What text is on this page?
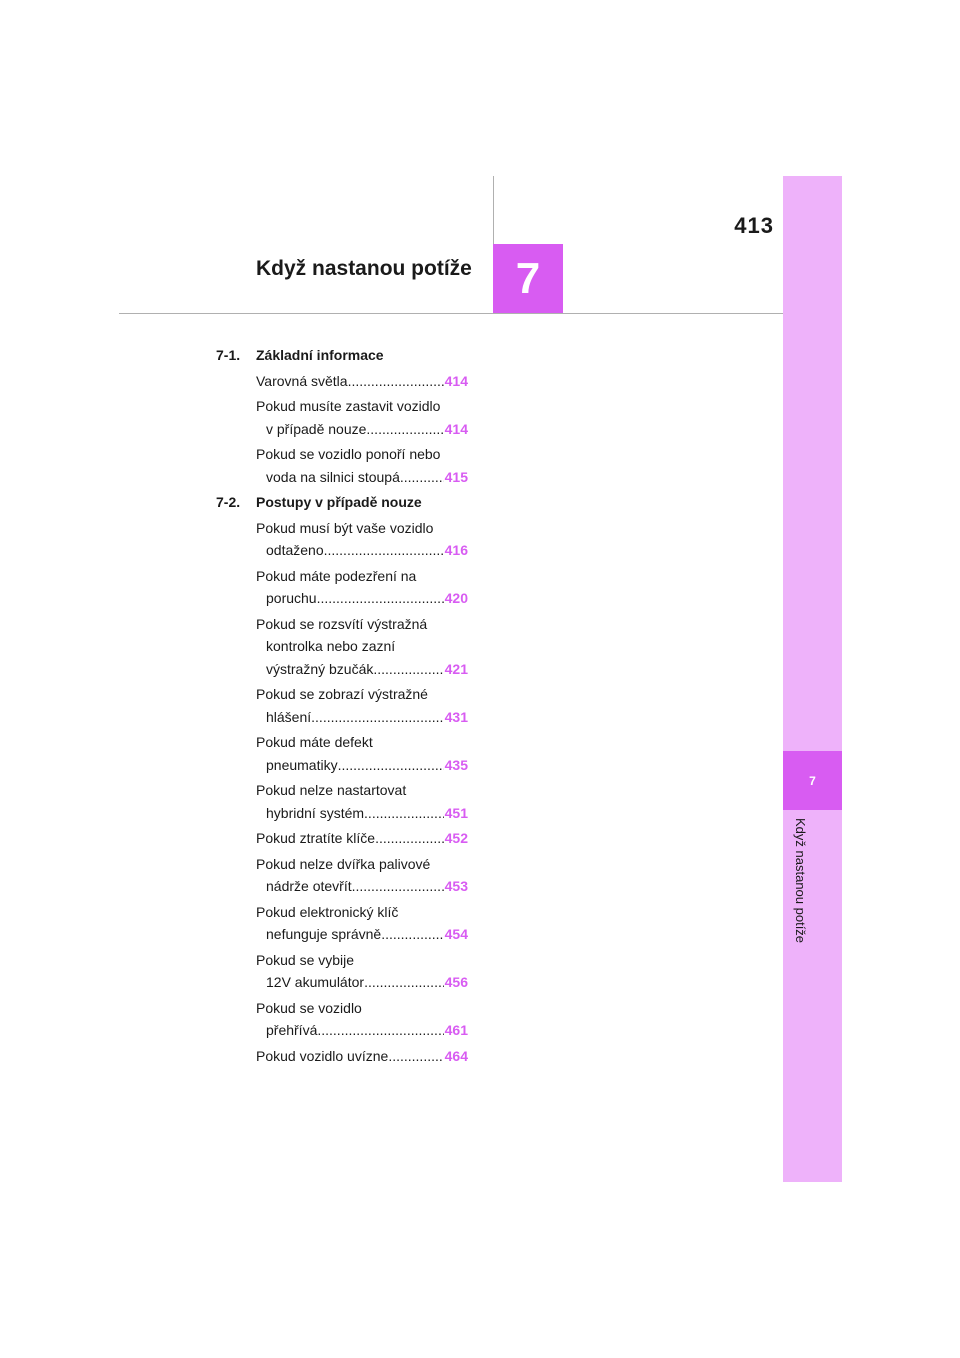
7
Když nastanou potíže
413
Když nastanou potíže 7
7-1. Základní informace
Varovná světla .....	414
Pokud musíte zastavit vozidlo
v případě nouze .....	414
Pokud se vozidlo ponoří nebo
voda na silnici stoupá .....	415
7-2. Postupy v případě nouze
Pokud musí být vaše vozidlo
odtaženo .....	416
Pokud máte podezření na
poruchu .....	420
Pokud se rozsvítí výstražná
kontrolka nebo zazní
výstražný bzučák .....	421
Pokud se zobrazí výstražné
hlášení .....	431
Pokud máte defekt
pneumatiky .....	435
Pokud nelze nastartovat
hybridní systém .....	451
Pokud ztratíte klíče .....	452
Pokud nelze dvířka palivové
nádrže otevřít .....	453
Pokud elektronický klíč
nefunguje správně .....	454
Pokud se vybije
12V akumulátor .....	456
Pokud se vozidlo
přehřívá .....	461
Pokud vozidlo uvízne .....	464
